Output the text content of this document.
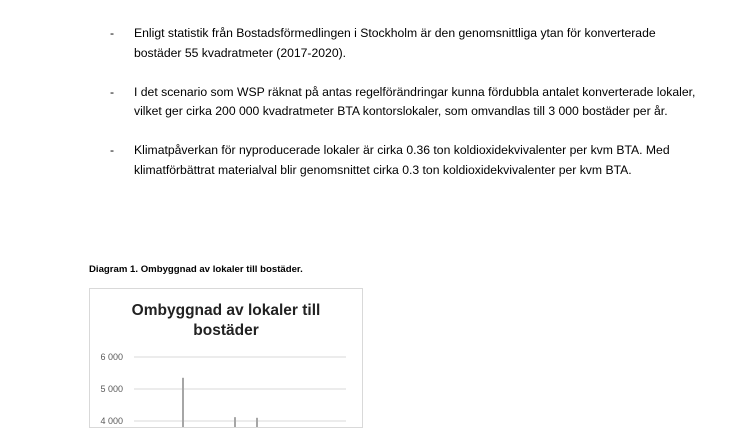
- Enligt statistik från Bostadsförmedlingen i Stockholm är den genomsnittliga ytan för konverterade bostäder 55 kvadratmeter (2017-2020).
- I det scenario som WSP räknat på antas regelförändringar kunna fördubbla antalet konverterade lokaler, vilket ger cirka 200 000 kvadratmeter BTA kontorslokaler, som omvandlas till 3 000 bostäder per år.
- Klimatpåverkan för nyproducerade lokaler är cirka 0.36 ton koldioxidekvivalenter per kvm BTA. Med klimatförbättrat materialval blir genomsnittet cirka 0.3 ton koldioxidekvivalenter per kvm BTA.
Diagram 1. Ombyggnad av lokaler till bostäder.
Ombyggnad av lokaler till
bostäder
6 000
5 000
4 000
